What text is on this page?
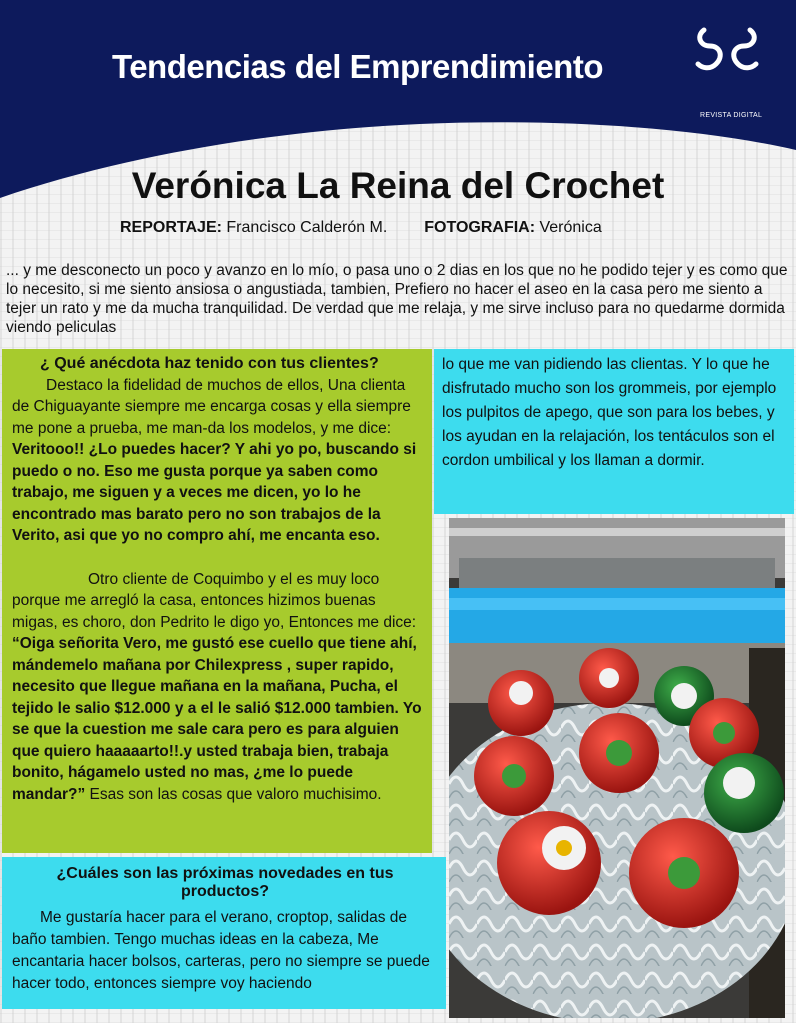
Tendencias del Emprendimiento
REVISTA DIGITAL
Verónica La Reina del Crochet
REPORTAJE: Francisco Calderón M. FOTOGRAFIA: Verónica
... y me desconecto un poco y avanzo en lo mío, o pasa uno o 2 dias en los que no he podido tejer y es como que lo necesito, si me siento ansiosa o angustiada, tambien, Prefiero no hacer el aseo en la casa pero me siento a tejer un rato y me da mucha tranquilidad. De verdad que me relaja, y me sirve incluso para no quedarme dormida viendo peliculas
¿ Qué anécdota haz tenido con tus clientes?

Destaco la fidelidad de muchos de ellos, Una clienta de Chiguayante siempre me encarga cosas y ella siempre me pone a prueba, me man-da los modelos, y me dice: Veritooo!! ¿Lo puedes hacer? Y ahi yo po, buscando si puedo o no. Eso me gusta porque ya saben como trabajo, me siguen y a veces me dicen, yo lo he encontrado mas barato pero no son trabajos de la Verito, asi que yo no compro ahí, me encanta eso.

Otro cliente de Coquimbo y el es muy loco porque me arregló la casa, entonces hizimos buenas migas, es choro, don Pedrito le digo yo, Entonces me dice: “Oiga señorita Vero, me gustó ese cuello que tiene ahí, mándemelo mañana por Chilexpress , super rapido, necesito que llegue mañana en la mañana, Pucha, el tejido le salio $12.000 y a el le salió $12.000 tambien. Yo se que la cuestion me sale cara pero es para alguien que quiero haaaaarto!!.y usted trabaja bien, trabaja bonito, hágamelo usted no mas, ¿me lo puede mandar?” Esas son las cosas que valoro muchisimo.

lo que me van pidiendo las clientas. Y lo que he disfrutado mucho son los grommeis, por ejemplo los pulpitos de apego, que son para los bebes, y los ayudan en la relajación, los tentáculos son el cordon umbilical y los llaman a dormir.
¿Cuáles son las próximas novedades en tus productos?

Me gustaría hacer para el verano, croptop, salidas de baño tambien. Tengo muchas ideas en la cabeza, Me encantaria hacer bolsos, carteras, pero no siempre se puede hacer todo, entonces siempre voy haciendo
